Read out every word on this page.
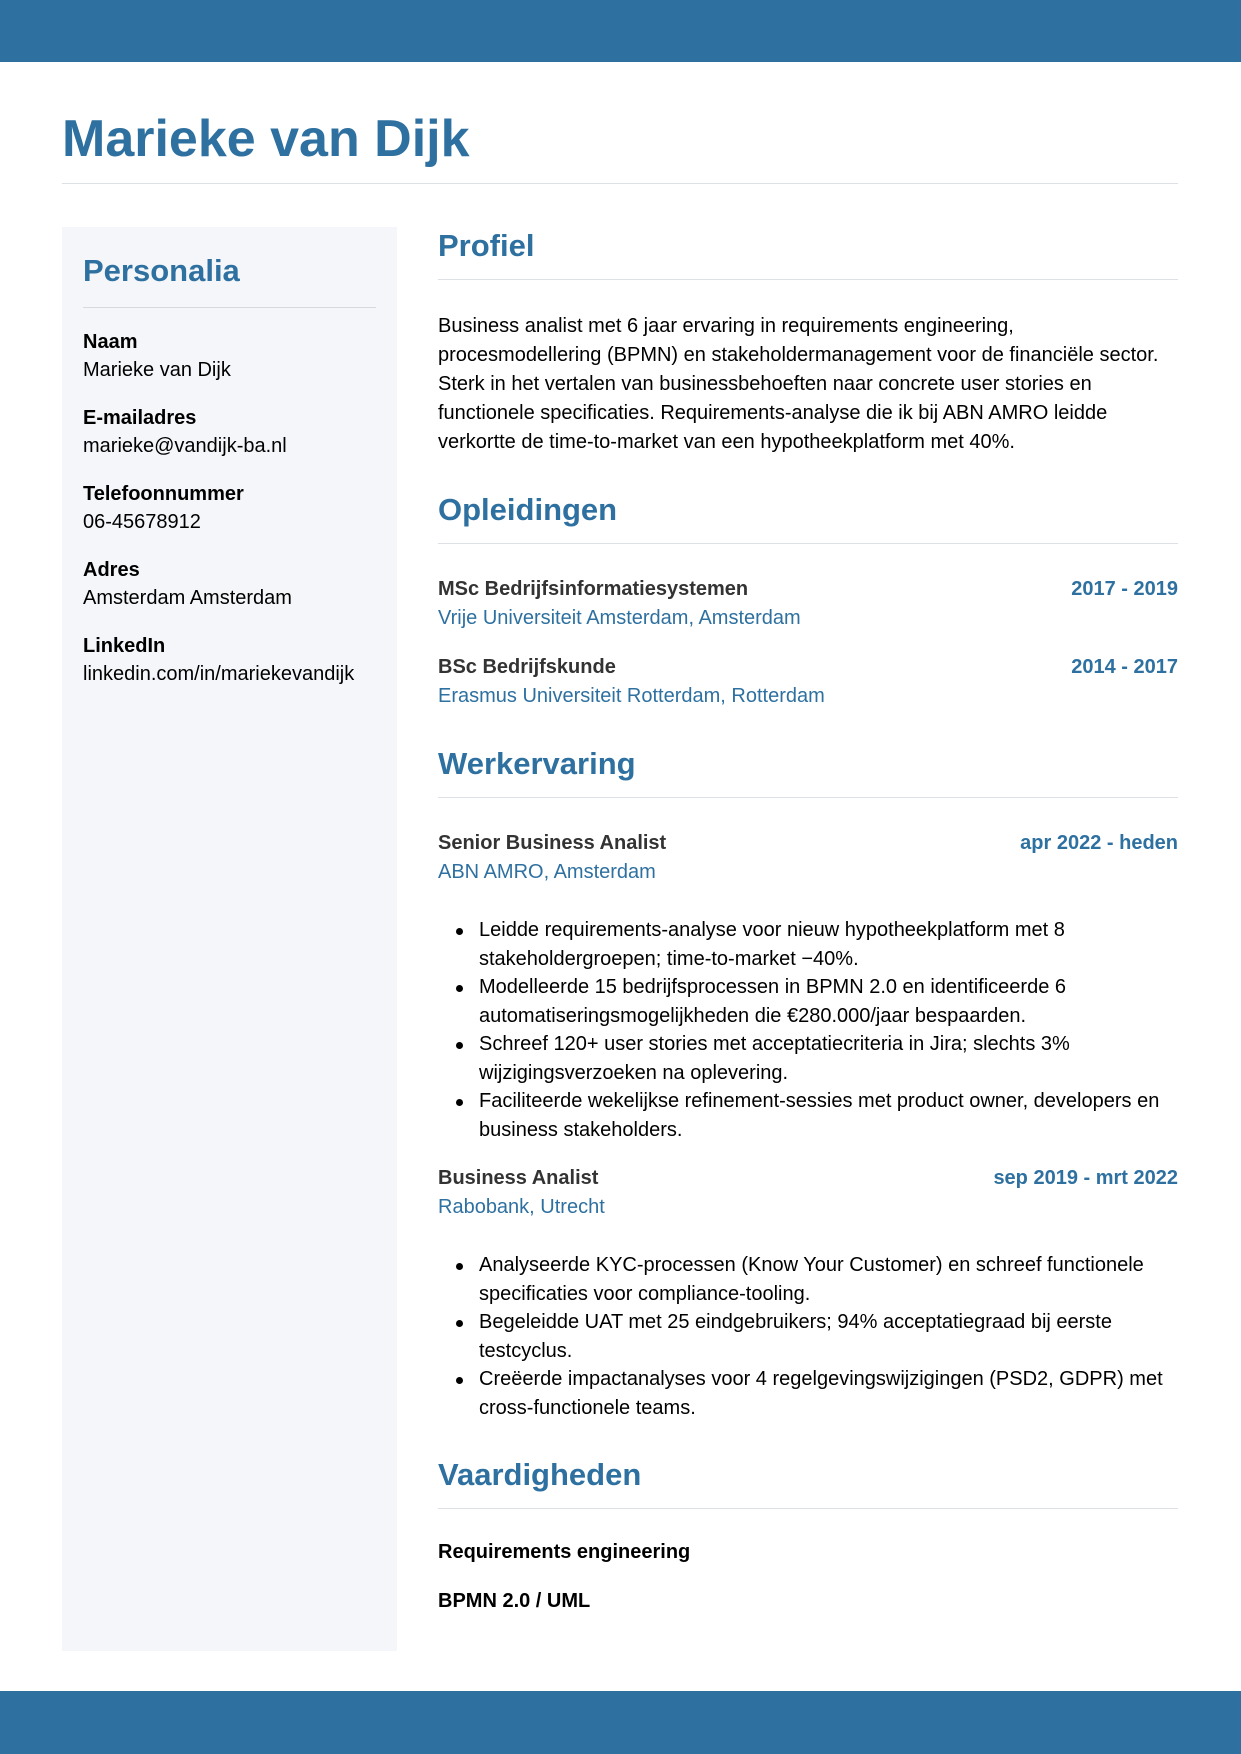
Marieke van Dijk
Personalia
Naam
Marieke van Dijk
E-mailadres
marieke@vandijk-ba.nl
Telefoonnummer
06-45678912
Adres
Amsterdam Amsterdam
LinkedIn
linkedin.com/in/mariekevandijk
Profiel

Business analist met 6 jaar ervaring in requirements engineering, procesmodellering (BPMN) en stakeholdermanagement voor de financiële sector. Sterk in het vertalen van businessbehoeften naar concrete user stories en functionele specificaties. Requirements-analyse die ik bij ABN AMRO leidde verkortte de time-to-market van een hypotheekplatform met 40%.

Opleidingen
MSc Bedrijfsinformatiesystemen	2017 - 2019
Vrije Universiteit Amsterdam, Amsterdam
BSc Bedrijfskunde	2014 - 2017
Erasmus Universiteit Rotterdam, Rotterdam
Werkervaring
Senior Business Analist	apr 2022 - heden
ABN AMRO, Amsterdam
Leidde requirements-analyse voor nieuw hypotheekplatform met 8 stakeholdergroepen; time-to-market −40%.
Modelleerde 15 bedrijfsprocessen in BPMN 2.0 en identificeerde 6 automatiseringsmogelijkheden die €280.000/jaar bespaarden.
Schreef 120+ user stories met acceptatiecriteria in Jira; slechts 3% wijzigingsverzoeken na oplevering.
Faciliteerde wekelijkse refinement-sessies met product owner, developers en business stakeholders.
Business Analist	sep 2019 - mrt 2022
Rabobank, Utrecht
Analyseerde KYC-processen (Know Your Customer) en schreef functionele specificaties voor compliance-tooling.
Begeleidde UAT met 25 eindgebruikers; 94% acceptatiegraad bij eerste testcyclus.
Creëerde impactanalyses voor 4 regelgevingswijzigingen (PSD2, GDPR) met cross-functionele teams.
Vaardigheden
Requirements engineering
BPMN 2.0 / UML
